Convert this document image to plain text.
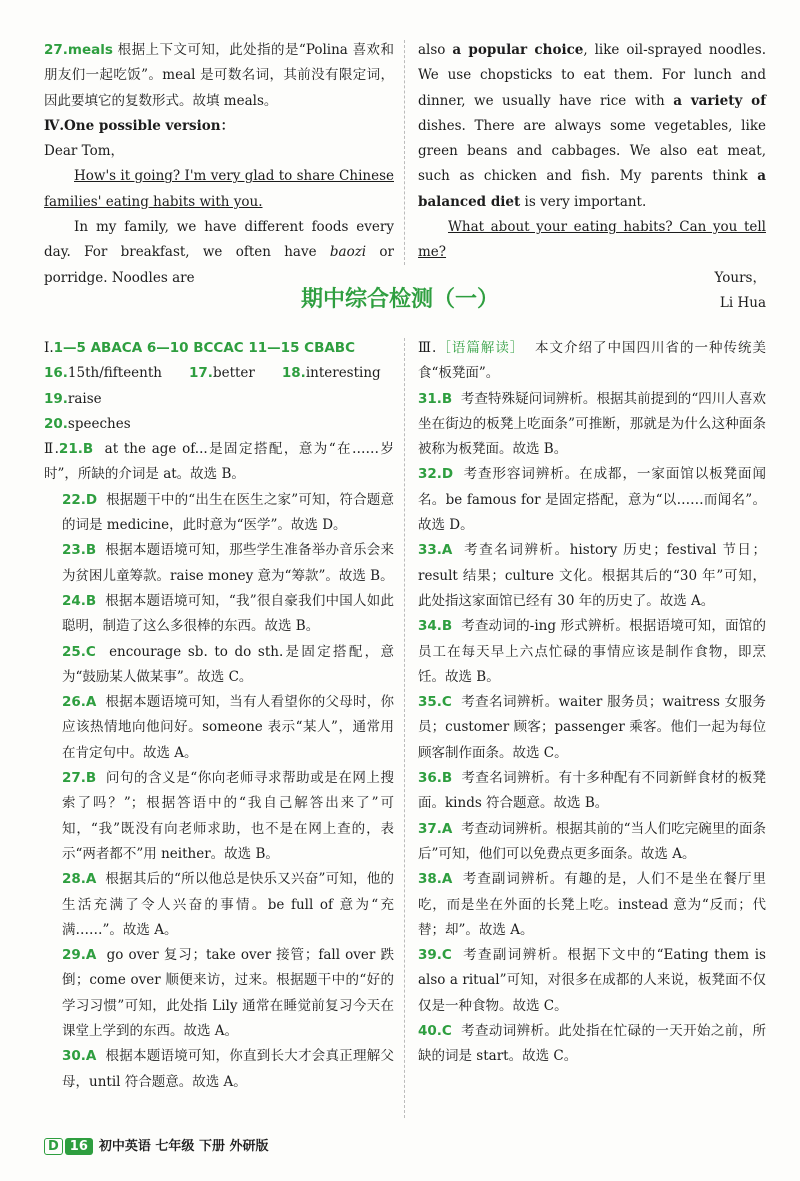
27.meals 根据上下文可知，此处指的是“Polina 喜欢和朋友们一起吃饭”。meal 是可数名词，其前没有限定词，因此要填它的复数形式。故填 meals。

Ⅳ.One possible version：

Dear Tom，

How's it going? I'm very glad to share Chinese families' eating habits with you.

In my family, we have different foods every day. For breakfast, we often have baozi or porridge. Noodles are

also a popular choice, like oil-sprayed noodles. We use chopsticks to eat them. For lunch and dinner, we usually have rice with a variety of dishes. There are always some vegetables, like green beans and cabbages. We also eat meat, such as chicken and fish. My parents think a balanced diet is very important.

What about your eating habits? Can you tell me?

Yours，

Li Hua

期中综合检测（一）

Ⅰ.1—5 ABACA 6—10 BCCAC 11—15 CBABC

16.15th/fifteenth 17.better 18.interesting   19.raise

20.speeches

Ⅱ.21.B at the age of...是固定搭配，意为“在……岁时”，所缺的介词是 at。故选 B。

22.D 根据题干中的“出生在医生之家”可知，符合题意的词是 medicine，此时意为“医学”。故选 D。

23.B 根据本题语境可知，那些学生准备举办音乐会来为贫困儿童筹款。raise money 意为“筹款”。故选 B。

24.B 根据本题语境可知，“我”很自豪我们中国人如此聪明，制造了这么多很棒的东西。故选 B。

25.C encourage sb. to do sth.是固定搭配，意为“鼓励某人做某事”。故选 C。

26.A 根据本题语境可知，当有人看望你的父母时，你应该热情地向他问好。someone 表示“某人”，通常用在肯定句中。故选 A。

27.B 问句的含义是“你向老师寻求帮助或是在网上搜索了吗？”；根据答语中的“我自己解答出来了”可知，“我”既没有向老师求助，也不是在网上查的，表示“两者都不”用 neither。故选 B。

28.A 根据其后的“所以他总是快乐又兴奋”可知，他的生活充满了令人兴奋的事情。be full of 意为“充满……”。故选 A。

29.A go over 复习；take over 接管；fall over 跌倒；come over 顺便来访，过来。根据题干中的“好的学习习惯”可知，此处指 Lily 通常在睡觉前复习今天在课堂上学到的东西。故选 A。

30.A 根据本题语境可知，你直到长大才会真正理解父母，until 符合题意。故选 A。

Ⅲ.［语篇解读］ 本文介绍了中国四川省的一种传统美食“板凳面”。

31.B 考查特殊疑问词辨析。根据其前提到的“四川人喜欢坐在街边的板凳上吃面条”可推断，那就是为什么这种面条被称为板凳面。故选 B。

32.D 考查形容词辨析。在成都，一家面馆以板凳面闻名。be famous for 是固定搭配，意为“以……而闻名”。故选 D。

33.A 考查名词辨析。history 历史；festival 节日；result 结果；culture 文化。根据其后的“30 年”可知，此处指这家面馆已经有 30 年的历史了。故选 A。

34.B 考查动词的-ing 形式辨析。根据语境可知，面馆的员工在每天早上六点忙碌的事情应该是制作食物，即烹饪。故选 B。

35.C 考查名词辨析。waiter 服务员；waitress 女服务员；customer 顾客；passenger 乘客。他们一起为每位顾客制作面条。故选 C。

36.B 考查名词辨析。有十多种配有不同新鲜食材的板凳面。kinds 符合题意。故选 B。

37.A 考查动词辨析。根据其前的“当人们吃完碗里的面条后”可知，他们可以免费点更多面条。故选 A。

38.A 考查副词辨析。有趣的是，人们不是坐在餐厅里吃，而是坐在外面的长凳上吃。instead 意为“反而；代替；却”。故选 A。

39.C 考查副词辨析。根据下文中的“Eating them is also a ritual”可知，对很多在成都的人来说，板凳面不仅仅是一种食物。故选 C。

40.C 考查动词辨析。此处指在忙碌的一天开始之前，所缺的词是 start。故选 C。

D 16 初中英语 七年级 下册 外研版
